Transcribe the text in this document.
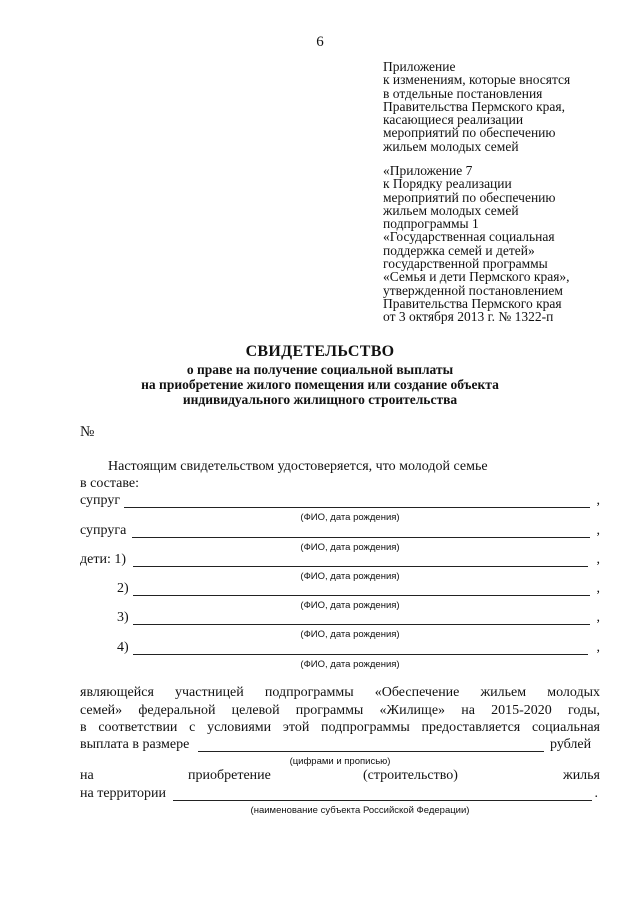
6
Приложение
к изменениям, которые вносятся
в отдельные постановления
Правительства Пермского края,
касающиеся реализации
мероприятий по обеспечению
жильем молодых семей
«Приложение 7
к Порядку реализации
мероприятий по обеспечению
жильем молодых семей
подпрограммы 1
«Государственная социальная
поддержка семей и детей»
государственной программы
«Семья и дети Пермского края»,
утвержденной постановлением
Правительства Пермского края
от 3 октября 2013 г. № 1322-п
СВИДЕТЕЛЬСТВО
о праве на получение социальной выплаты
на приобретение жилого помещения или создание объекта
индивидуального жилищного строительства
№
Настоящим свидетельством удостоверяется, что молодой семье
в составе:
супруг	,
(ФИО, дата рождения)
супруга	,
(ФИО, дата рождения)
дети: 1)	,
(ФИО, дата рождения)
2)	,
(ФИО, дата рождения)
3)	,
(ФИО, дата рождения)
4)	,
(ФИО, дата рождения)
являющейся участницей подпрограммы «Обеспечение жильем молодых
семей» федеральной целевой программы «Жилище» на 2015-2020 годы,
в соответствии с условиями этой подпрограммы предоставляется социальная
выплата в размере	рублей
(цифрами и прописью)
на	приобретение	(строительство)	жилья
на территории	.
(наименование субъекта Российской Федерации)
